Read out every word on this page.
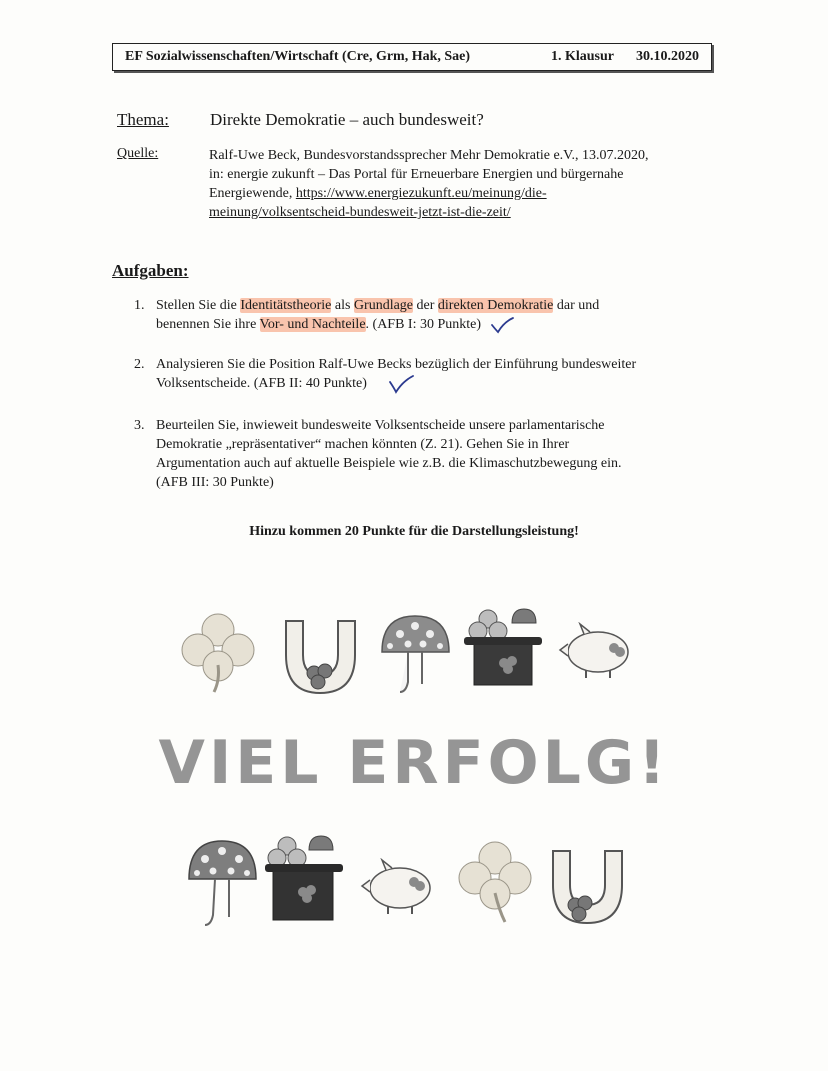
EF Sozialwissenschaften/Wirtschaft (Cre, Grm, Hak, Sae)	1. Klausur 30.10.2020
Thema: Direkte Demokratie – auch bundesweit?
Quelle:	Ralf-Uwe Beck, Bundesvorstandssprecher Mehr Demokratie e.V., 13.07.2020,
in: energie zukunft – Das Portal für Erneuerbare Energien und bürgernahe
Energiewende, https://www.energiezukunft.eu/meinung/die-
meinung/volksentscheid-bundesweit-jetzt-ist-die-zeit/
Aufgaben:
1. Stellen Sie die Identitätstheorie als Grundlage der direkten Demokratie dar und
benennen Sie ihre Vor- und Nachteile. (AFB I: 30 Punkte)
2. Analysieren Sie die Position Ralf-Uwe Becks bezüglich der Einführung bundesweiter
Volksentscheide. (AFB II: 40 Punkte)
3. Beurteilen Sie, inwieweit bundesweite Volksentscheide unsere parlamentarische
Demokratie „repräsentativer“ machen könnten (Z. 21). Gehen Sie in Ihrer
Argumentation auch auf aktuelle Beispiele wie z.B. die Klimaschutzbewegung ein.
(AFB III: 30 Punkte)
Hinzu kommen 20 Punkte für die Darstellungsleistung!
VIEL ERFOLG!
